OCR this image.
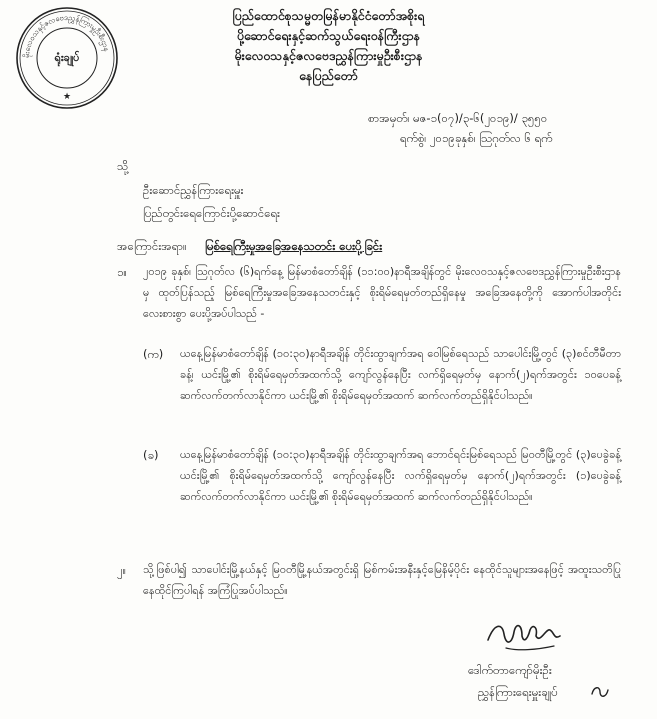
မိုးလေဝသနှင့်ဇလဗေဒညွှန်ကြားမှုဦးစီးဌာန
ရုံးချုပ်
★
ပြည်ထောင်စုသမ္မတမြန်မာနိုင်ငံတော်အစိုးရ
ပို့ဆောင်ရေးနှင့်ဆက်သွယ်ရေးဝန်ကြီးဌာန
မိုးလေဝသနှင့်ဇလဗေဒညွှန်ကြားမှုဦးစီးဌာန
နေပြည်တော်
စာအမှတ်၊ မဇ-၁(၀၇)/၃-၆(၂၀၁၉)/ ၃၅၅၀
ရက်စွဲ၊ ၂၀၁၉ခုနှစ်၊ ဩဂုတ်လ ၆ ရက်
သို့
ဦးဆောင်ညွှန်ကြားရေးမှူး
ပြည်တွင်းရေကြောင်းပို့ဆောင်ရေး
အကြောင်းအရာ။ မြစ်ရေကြီးမှုအခြေအနေသတင်း ပေးပို့ခြင်း
၁။ ၂၀၁၉ ခုနှစ်၊ ဩဂုတ်လ (၆)ရက်နေ့ မြန်မာစံတော်ချိန် (၁၁:၀၀)နာရီအချိန်တွင် မိုးလေဝသနှင့်ဇလဗေဒညွှန်ကြားမှုဦးစီးဌာနမှ ထုတ်ပြန်သည့် မြစ်ရေကြီးမှုအခြေအနေသတင်းနှင့် စိုးရိမ်ရေမှတ်တည်ရှိနေမှု အခြေအနေတို့ကို အောက်ပါအတိုင်း လေးစားစွာ ပေးပို့အပ်ပါသည် -
(က) ယနေ့မြန်မာစံတော်ချိန် (၁၀:၃၀)နာရီအချိန် တိုင်းထွာချက်အရ ဝေါမြစ်ရေသည် သာပေါင်းမြို့တွင် (၃)စင်တီမီတာခန့်၊ ယင်းမြို့၏ စိုးရိမ်ရေမှတ်အထက်သို့ ကျော်လွန်နေပြီး လက်ရှိရေမှတ်မှ နောက်(၂)ရက်အတွင်း ၁၀ပေခန့် ဆက်လက်တက်လာနိုင်ကာ ယင်းမြို့၏ စိုးရိမ်ရေမှတ်အထက် ဆက်လက်တည်ရှိနိုင်ပါသည်။
(ခ) ယနေ့မြန်မာစံတော်ချိန် (၁၀:၃၀)နာရီအချိန် တိုင်းထွာချက်အရ ဘောင်ရင်းမြစ်ရေသည် မြဝတီမြို့တွင် (၃)ပေခွဲခန့် ယင်းမြို့၏ စိုးရိမ်ရေမှတ်အထက်သို့ ကျော်လွန်နေပြီး လက်ရှိရေမှတ်မှ နောက်(၂)ရက်အတွင်း (၁)ပေခွဲခန့် ဆက်လက်တက်လာနိုင်ကာ ယင်းမြို့၏ စိုးရိမ်ရေမှတ်အထက် ဆက်လက်တည်ရှိနိုင်ပါသည်။
၂။ သို့ဖြစ်ပါ၍ သာပေါင်းမြို့နယ်နှင့် မြဝတီမြို့နယ်အတွင်းရှိ မြစ်ကမ်းအနီးနှင့်မြေနိမ့်ပိုင်း နေထိုင်သူများအနေဖြင့် အထူးသတိပြုနေထိုင်ကြပါရန် အကြံပြုအပ်ပါသည်။
ဒေါက်တာကျော်မိုးဦး
ညွှန်ကြားရေးမှူးချုပ်
